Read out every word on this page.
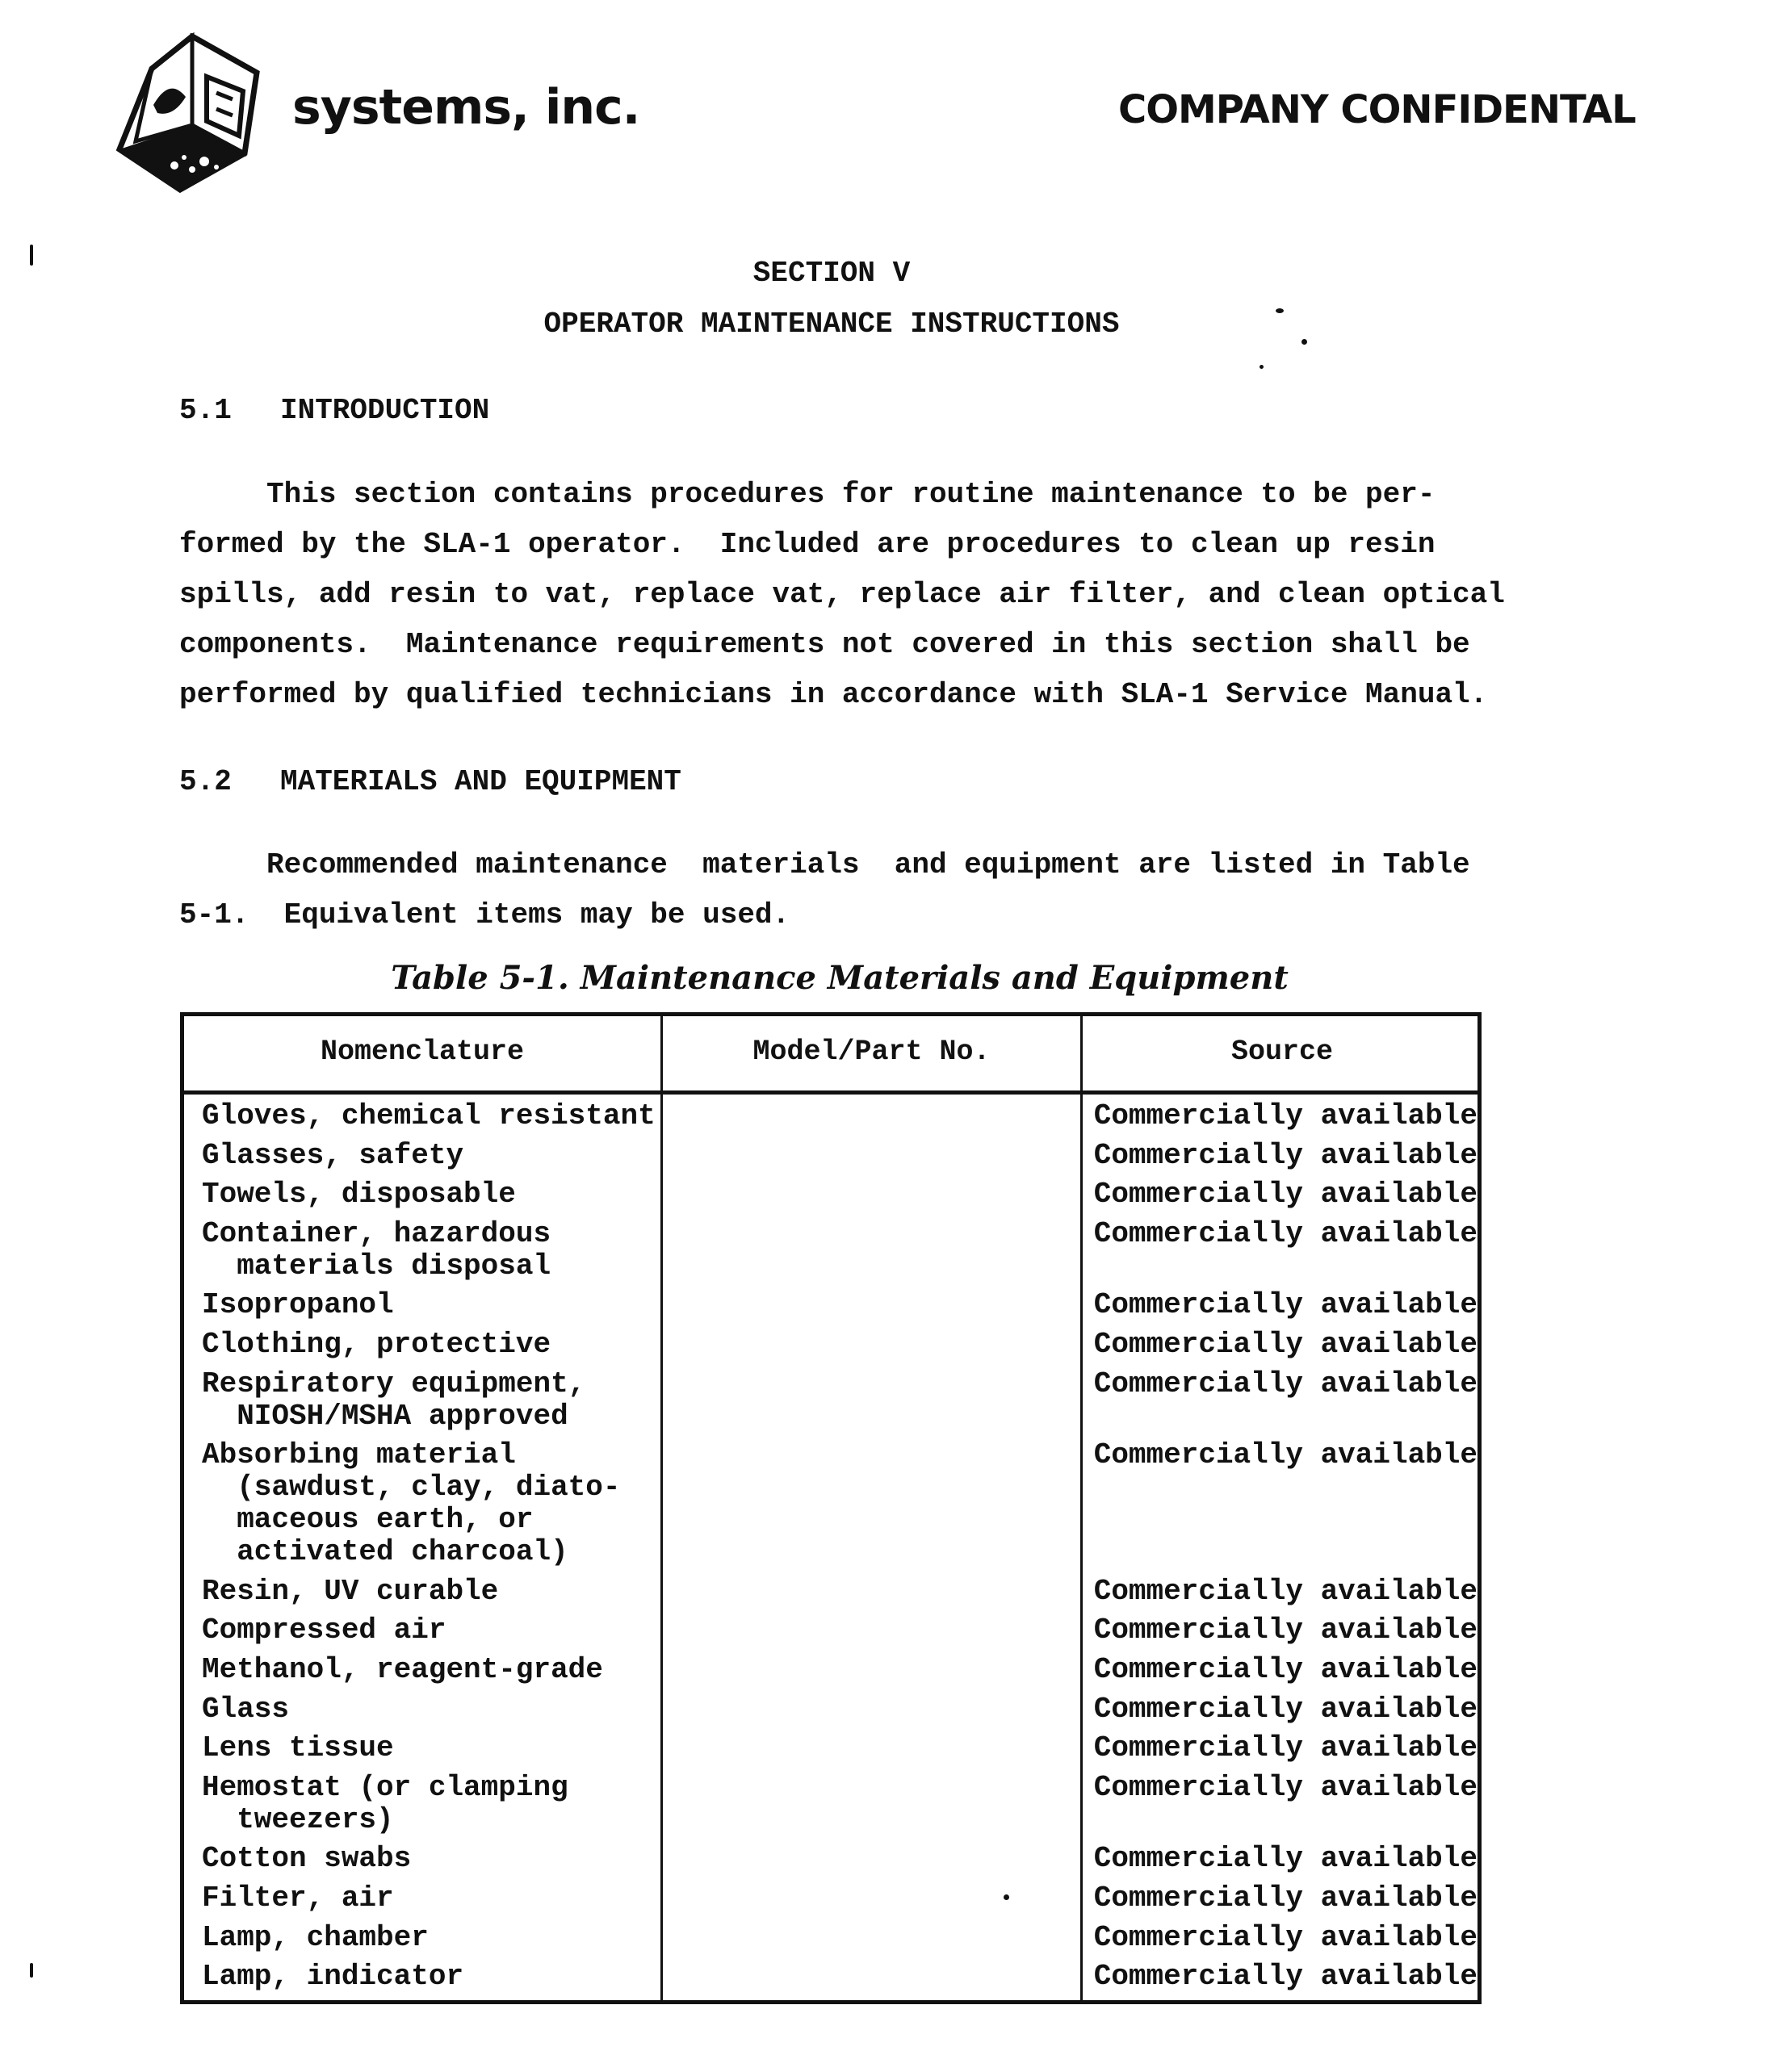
systems, inc.	COMPANY CONFIDENTAL
SECTION V
OPERATOR MAINTENANCE INSTRUCTIONS
5.1 INTRODUCTION
This section contains procedures for routine maintenance to be per-
formed by the SLA-1 operator.  Included are procedures to clean up resin
spills, add resin to vat, replace vat, replace air filter, and clean optical
components.  Maintenance requirements not covered in this section shall be
performed by qualified technicians in accordance with SLA-1 Service Manual.
5.2 MATERIALS AND EQUIPMENT
Recommended maintenance  materials  and equipment are listed in Table
5-1.  Equivalent items may be used.
Table 5-1. Maintenance Materials and Equipment
Nomenclature	Model/Part No.	Source
Gloves, chemical resistant	Commercially available
Glasses, safety	Commercially available
Towels, disposable	Commercially available
Container, hazardous
materials disposal
Commercially available
Isopropanol	Commercially available
Clothing, protective	Commercially available
Respiratory equipment,
NIOSH/MSHA approved
Commercially available
Absorbing material
(sawdust, clay, diato-
maceous earth, or
activated charcoal)
Commercially available
Resin, UV curable	Commercially available
Compressed air	Commercially available
Methanol, reagent-grade	Commercially available
Glass	Commercially available
Lens tissue	Commercially available
Hemostat (or clamping
tweezers)
Commercially available
Cotton swabs	Commercially available
Filter, air	Commercially available
Lamp, chamber	Commercially available
Lamp, indicator	Commercially available
